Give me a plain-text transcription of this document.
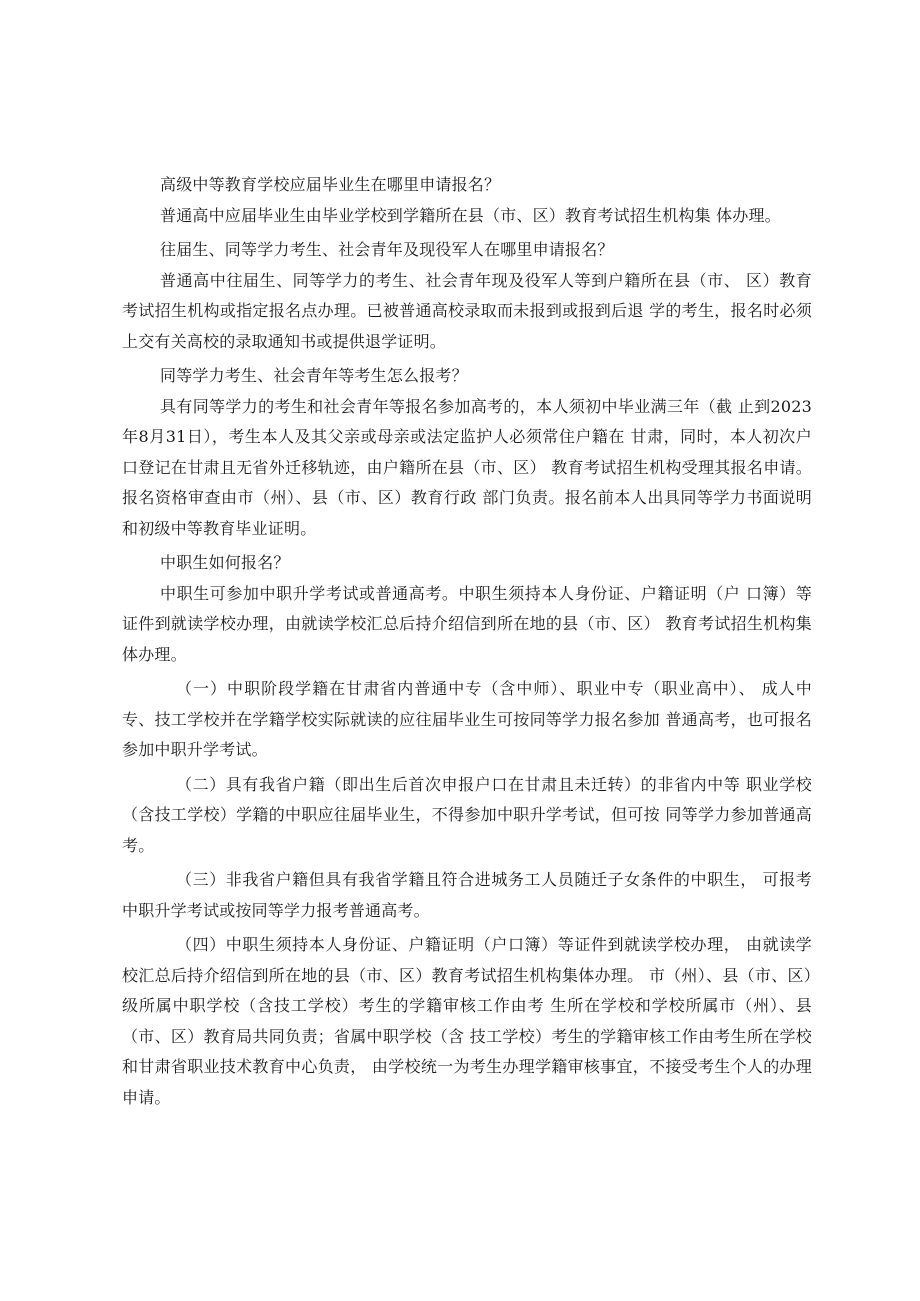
高级中等教育学校应届毕业生在哪里申请报名？

普通高中应届毕业生由毕业学校到学籍所在县（市、区）教育考试招生机构集 体办理。

往届生、同等学力考生、社会青年及现役军人在哪里申请报名？

普通高中往届生、同等学力的考生、社会青年现及役军人等到户籍所在县（市、 区）教育考试招生机构或指定报名点办理。已被普通高校录取而未报到或报到后退 学的考生，报名时必须上交有关高校的录取通知书或提供退学证明。

同等学力考生、社会青年等考生怎么报考？

具有同等学力的考生和社会青年等报名参加高考的，本人须初中毕业满三年（截 止到2023年8月31日），考生本人及其父亲或母亲或法定监护人必须常住户籍在 甘肃，同时，本人初次户口登记在甘肃且无省外迁移轨迹，由户籍所在县（市、区） 教育考试招生机构受理其报名申请。报名资格审查由市（州）、县（市、区）教育行政 部门负责。报名前本人出具同等学力书面说明和初级中等教育毕业证明。

中职生如何报名？

中职生可参加中职升学考试或普通高考。中职生须持本人身份证、户籍证明（户 口簿）等证件到就读学校办理，由就读学校汇总后持介绍信到所在地的县（市、区） 教育考试招生机构集体办理。

（一）中职阶段学籍在甘肃省内普通中专（含中师）、职业中专（职业高中）、 成人中专、技工学校并在学籍学校实际就读的应往届毕业生可按同等学力报名参加 普通高考，也可报名参加中职升学考试。

（二）具有我省户籍（即出生后首次申报户口在甘肃且未迁转）的非省内中等 职业学校（含技工学校）学籍的中职应往届毕业生，不得参加中职升学考试，但可按 同等学力参加普通高考。

（三）非我省户籍但具有我省学籍且符合进城务工人员随迁子女条件的中职生， 可报考中职升学考试或按同等学力报考普通高考。

（四）中职生须持本人身份证、户籍证明（户口簿）等证件到就读学校办理， 由就读学校汇总后持介绍信到所在地的县（市、区）教育考试招生机构集体办理。 市（州）、县（市、区）级所属中职学校（含技工学校）考生的学籍审核工作由考 生所在学校和学校所属市（州）、县（市、区）教育局共同负责；省属中职学校（含 技工学校）考生的学籍审核工作由考生所在学校和甘肃省职业技术教育中心负责， 由学校统一为考生办理学籍审核事宜，不接受考生个人的办理申请。
